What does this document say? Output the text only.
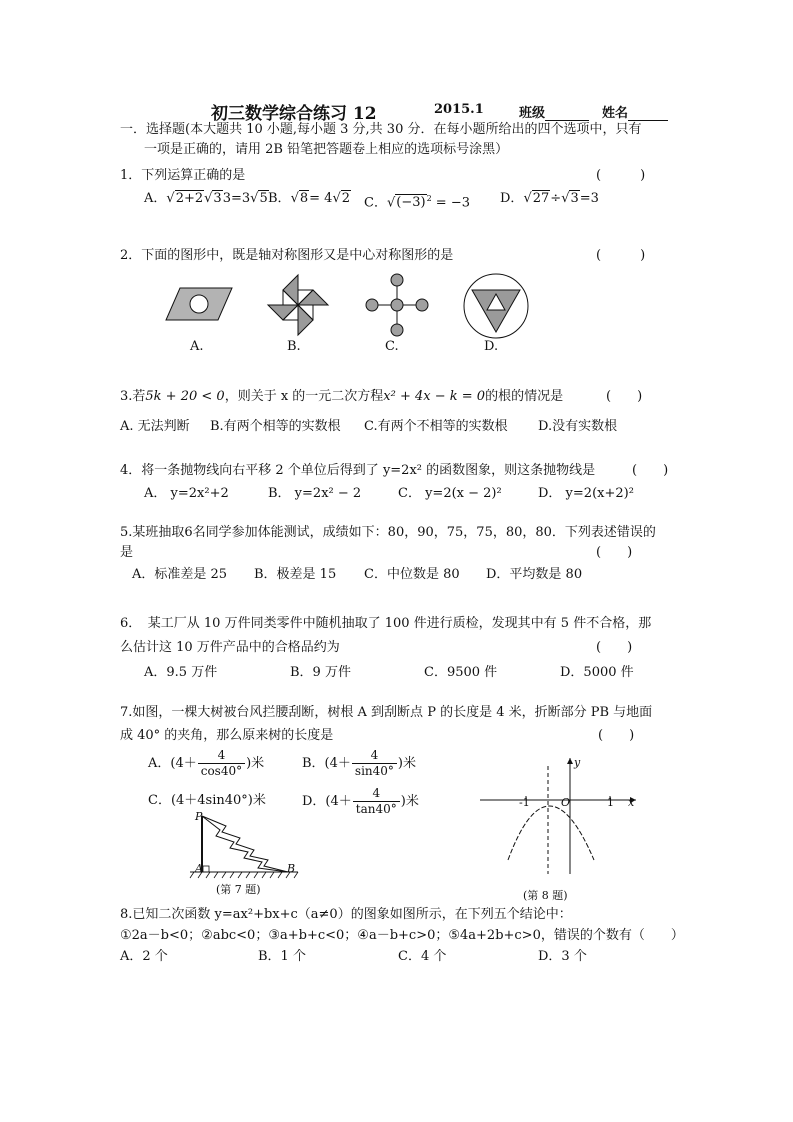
初三数学综合练习 12	2015.1	班级	姓名
一．选择题(本大题共 10 小题,每小题 3 分,共 30 分．在每小题所给出的四个选项中，只有
一项是正确的，请用 2B 铅笔把答题卷上相应的选项标号涂黑）
1．下列运算正确的是	(　　　)
A．√2+2√33=3√5 B．√8= 4√2 C．$√(-3)^2 = -3$ D．√27÷√3=3
2．下面的图形中，既是轴对称图形又是中心对称图形的是	(　　　)
A.	B.	C.	D.
3.若5k + 20 < 0，则关于 x 的一元二次方程x² + 4x − k = 0的根的情况是	(　　)
A. 无法判断 B.有两个相等的实数根 C.有两个不相等的实数根 D.没有实数根
4．将一条抛物线向右平移 2 个单位后得到了 y=2x² 的函数图象，则这条抛物线是	(　　)
A． y=2x²+2	B． y=2x² − 2	C． y=2(x − 2)²	D． y=2(x+2)²
5.某班抽取6名同学参加体能测试，成绩如下：80，90，75，75，80，80．下列表述错误的
是	(　　)
A．标准差是 25 B．极差是 15 C．中位数是 80 D．平均数是 80
6．　某工厂从 10 万件同类零件中随机抽取了 100 件进行质检，发现其中有 5 件不合格，那
么估计这 10 万件产品中的合格品约为	(　　)
A．9.5 万件	B．9 万件	C．9500 件	D．5000 件
7.如图，一棵大树被台风拦腰刮断，树根 A 到刮断点 P 的长度是 4 米，折断部分 PB 与地面
成 40° 的夹角，那么原来树的长度是	(　　)
A．($4+ \frac{4}{\cos 40^\circ}$ )米	B．($4+ \frac{4}{\sin 40^\circ}$ )米
C．(4＋4sin40°)米	D．($4+ \frac{4}{\tan 40^\circ}$ )米
P
A	B
(第 7 题)
y
x
O
-1	1
(第 8 题)
8.已知二次函数 y=ax²+bx+c（a≠0）的图象如图所示，在下列五个结论中：
①2a－b<0；②abc<0；③a+b+c<0；④a－b+c>0；⑤4a+2b+c>0，错误的个数有（　　）
A．2 个	B．1 个	C．4 个	D．3 个
